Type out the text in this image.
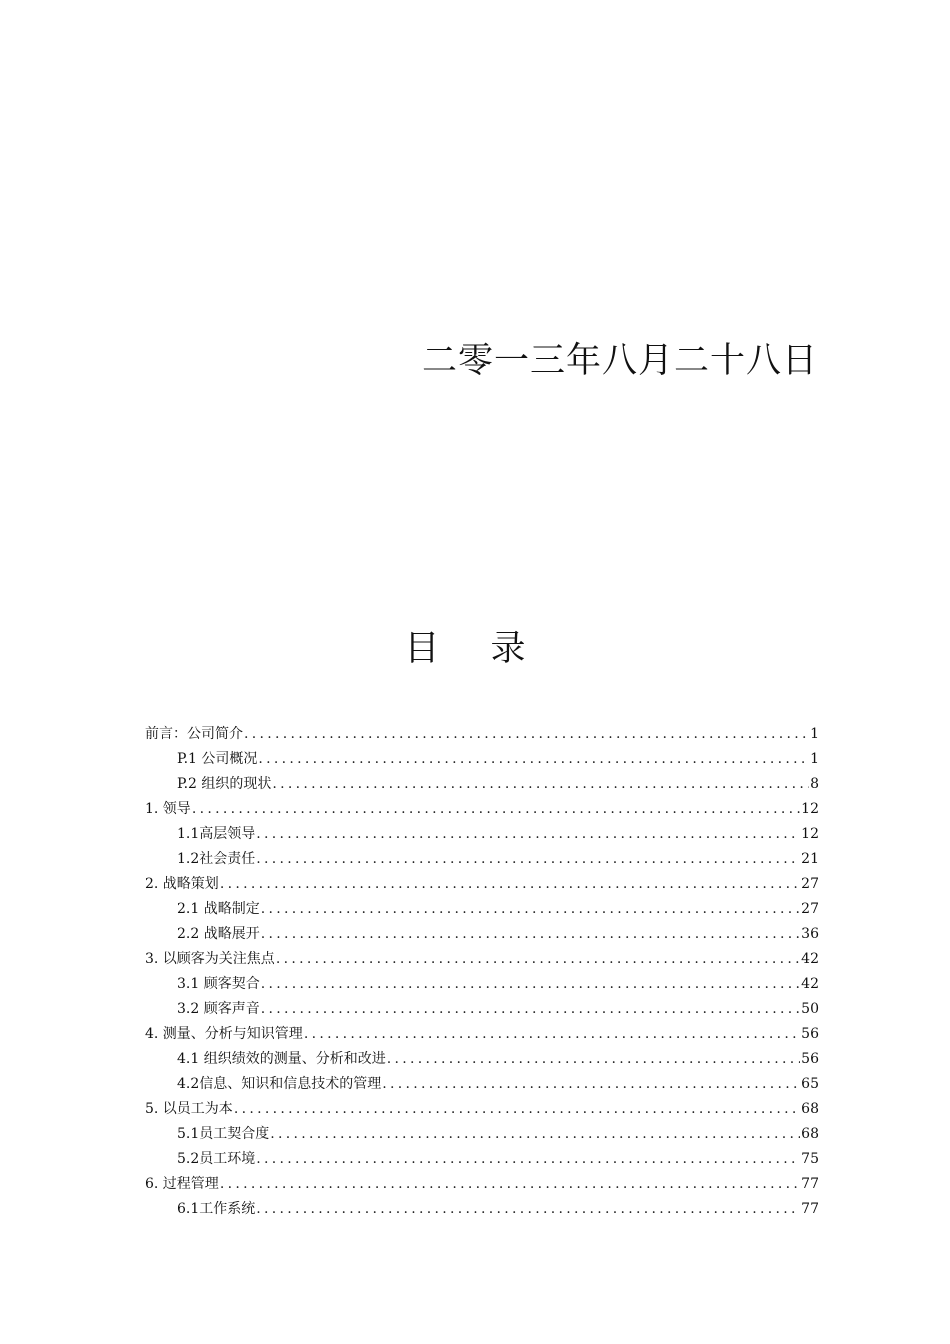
二零一三年八月二十八日
目 录
前言：公司简介 .....	1
P.1 公司概况 .....	1
P.2 组织的现状 .....	8
1. 领导 .....	12
1.1高层领导 .....	12
1.2社会责任 .....	21
2. 战略策划 .....	27
2.1 战略制定 .....	27
2.2 战略展开 .....	36
3. 以顾客为关注焦点 .....	42
3.1 顾客契合 .....	42
3.2 顾客声音 .....	50
4. 测量、分析与知识管理 .....	56
4.1 组织绩效的测量、分析和改进 .....	56
4.2信息、知识和信息技术的管理 .....	65
5. 以员工为本 .....	68
5.1员工契合度 .....	68
5.2员工环境 .....	75
6. 过程管理 .....	77
6.1工作系统 .....	77
